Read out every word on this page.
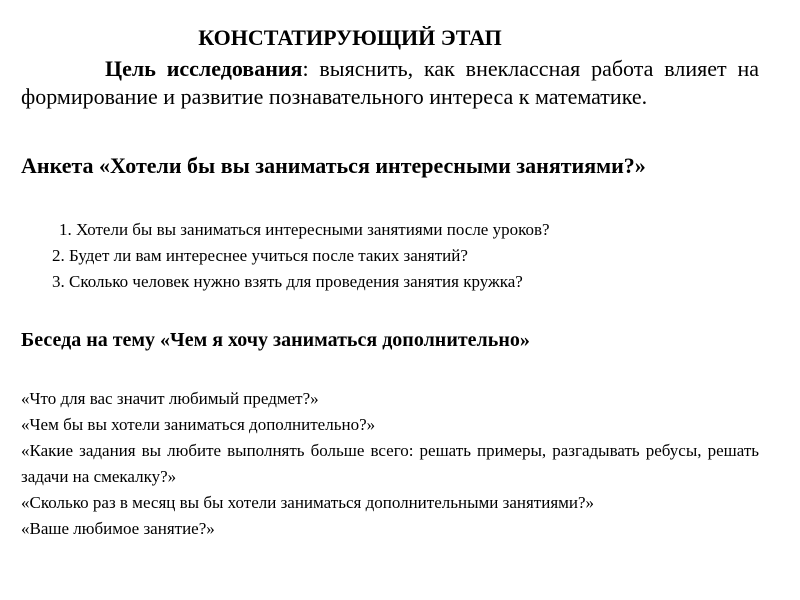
КОНСТАТИРУЮЩИЙ ЭТАП

Цель исследования: выяснить, как внеклассная работа влияет на формирование и развитие познавательного интереса к математике.

Анкета «Хотели бы вы заниматься интересными занятиями?»

1. Хотели бы вы заниматься интересными занятиями после уроков?
2. Будет ли вам интереснее учиться после таких занятий?
3. Сколько человек нужно взять для проведения занятия кружка?

Беседа на тему «Чем я хочу заниматься дополнительно»

«Что для вас значит любимый предмет?»
«Чем бы вы хотели заниматься дополнительно?»
«Какие задания вы любите выполнять больше всего: решать примеры, разгадывать ребусы, решать задачи на смекалку?»
«Сколько раз в месяц вы бы хотели заниматься дополнительными занятиями?»
«Ваше любимое занятие?»
